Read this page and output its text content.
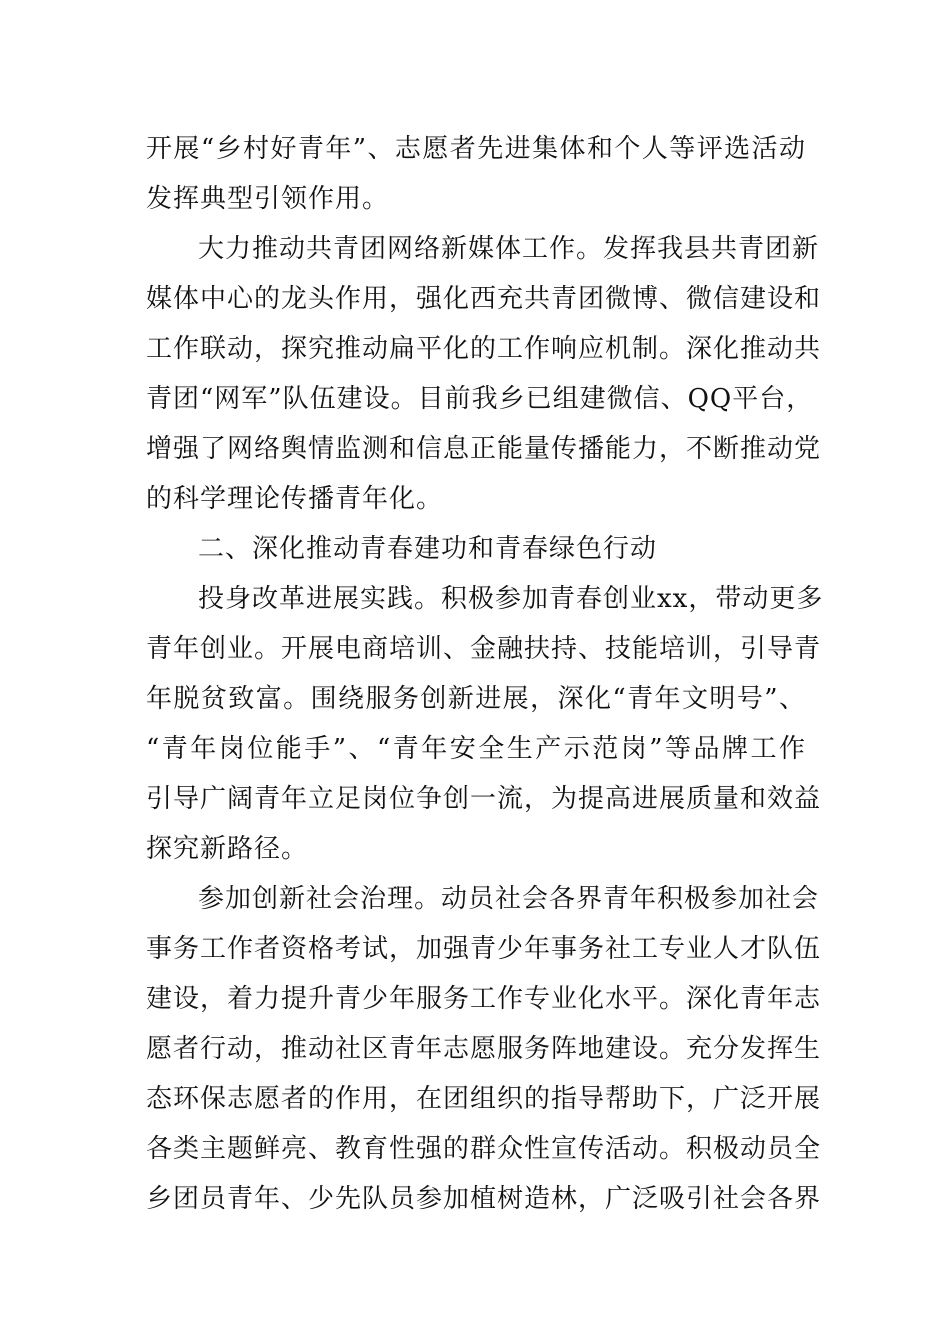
开展“乡村好青年”、志愿者先进集体和个人等评选活动
发挥典型引领作用。
大力推动共青团网络新媒体工作。发挥我县共青团新
媒体中心的龙头作用，强化西充共青团微博、微信建设和
工作联动，探究推动扁平化的工作响应机制。深化推动共
青团“网军”队伍建设。目前我乡已组建微信、QQ平台，
增强了网络舆情监测和信息正能量传播能力，不断推动党
的科学理论传播青年化。
二、深化推动青春建功和青春绿色行动
投身改革进展实践。积极参加青春创业xx，带动更多
青年创业。开展电商培训、金融扶持、技能培训，引导青
年脱贫致富。围绕服务创新进展，深化“青年文明号”、
“青年岗位能手”、“青年安全生产示范岗”等品牌工作
引导广阔青年立足岗位争创一流，为提高进展质量和效益
探究新路径。
参加创新社会治理。动员社会各界青年积极参加社会
事务工作者资格考试，加强青少年事务社工专业人才队伍
建设，着力提升青少年服务工作专业化水平。深化青年志
愿者行动，推动社区青年志愿服务阵地建设。充分发挥生
态环保志愿者的作用，在团组织的指导帮助下，广泛开展
各类主题鲜亮、教育性强的群众性宣传活动。积极动员全
乡团员青年、少先队员参加植树造林，广泛吸引社会各界
